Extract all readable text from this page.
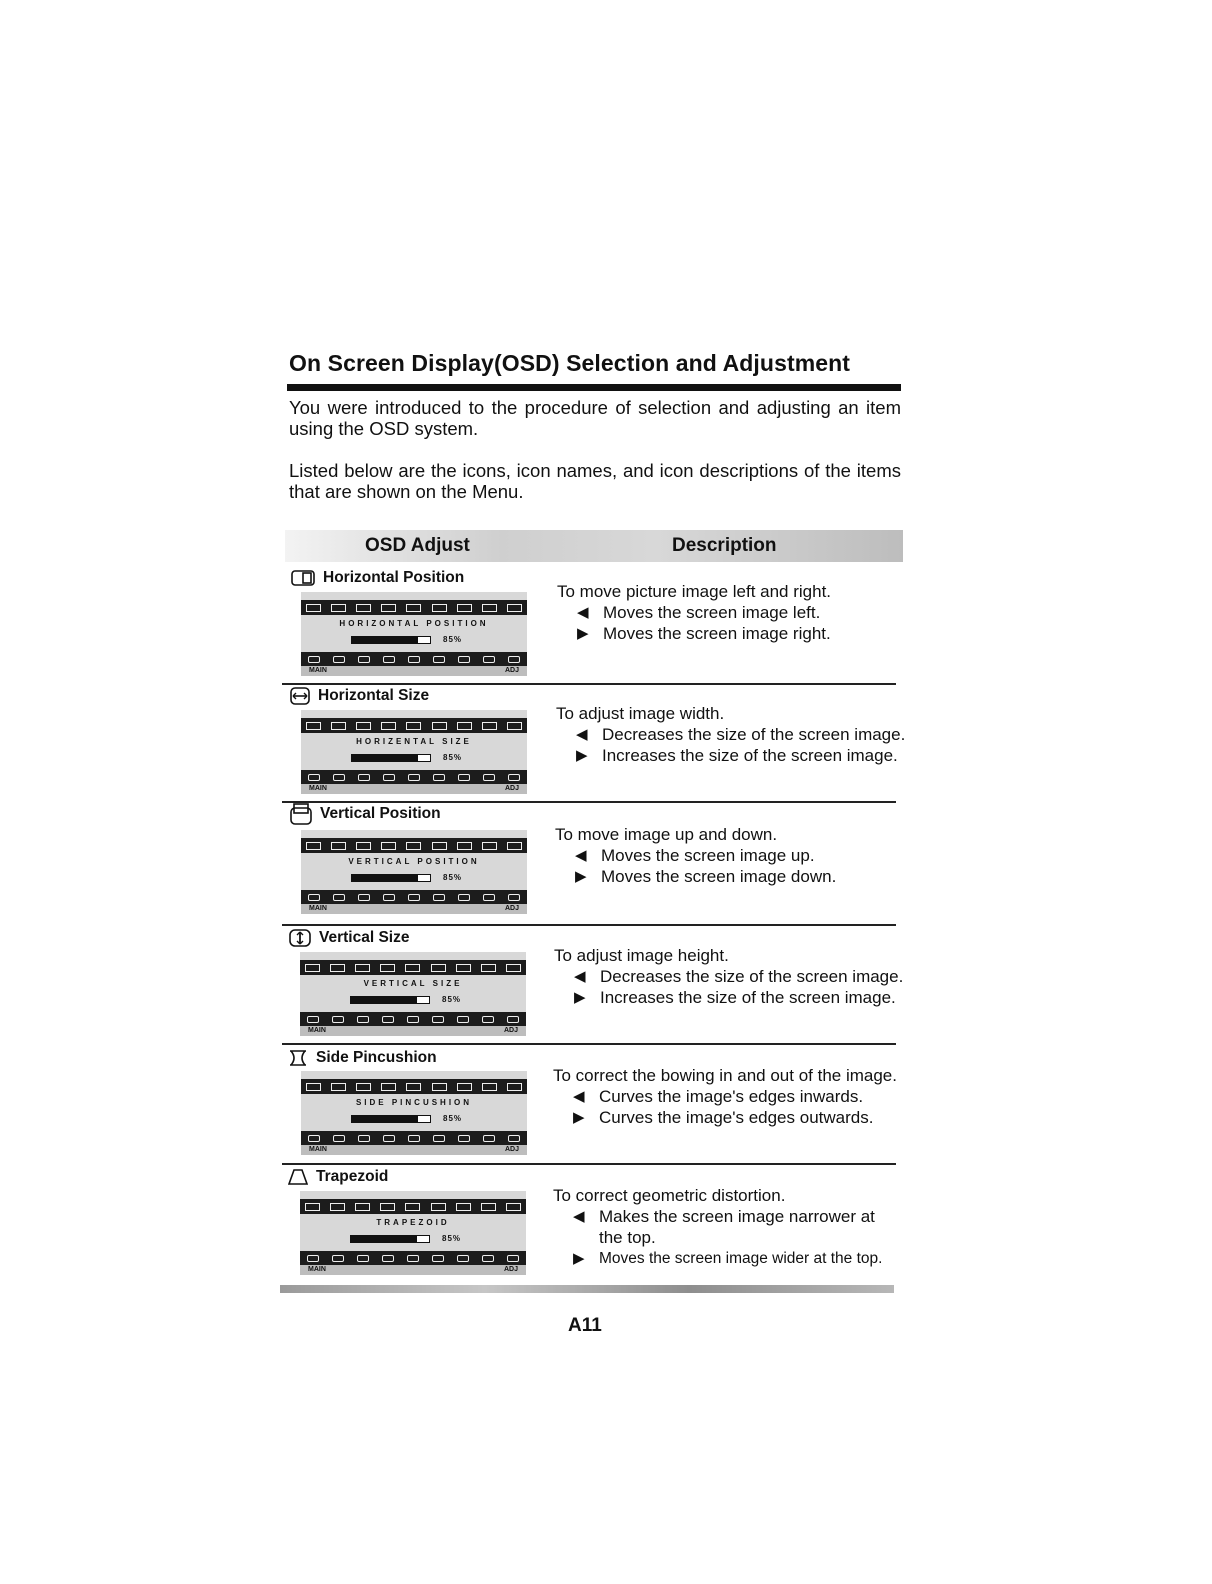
On Screen Display(OSD) Selection and Adjustment

You were introduced to the procedure of selection and adjusting an item using the OSD system.

Listed below are the icons, icon names, and icon descriptions of the items that are shown on the Menu.

OSD Adjust	Description
Horizontal Position
HORIZONTAL POSITION
85%
MAIN	ADJ
To move picture image left and right.
◀ Moves the screen image left.
▶ Moves the screen image right.
Horizontal Size
HORIZENTAL SIZE
85%
MAIN	ADJ
To adjust image width.
◀ Decreases the size of the screen image.
▶ Increases the size of the screen image.
Vertical Position
VERTICAL POSITION
85%
MAIN	ADJ
To move image up and down.
◀ Moves the screen image up.
▶ Moves the screen image down.
Vertical Size
VERTICAL SIZE
85%
MAIN	ADJ
To adjust image height.
◀ Decreases the size of the screen image.
▶ Increases the size of the screen image.
Side Pincushion
SIDE PINCUSHION
85%
MAIN	ADJ
To correct the bowing in and out of the image.
◀ Curves the image's edges inwards.
▶ Curves the image's edges outwards.
Trapezoid
TRAPEZOID
85%
MAIN	ADJ
To correct geometric distortion.
◀ Makes the screen image narrower at the top.
▶ Moves the screen image wider at the top.
A11
